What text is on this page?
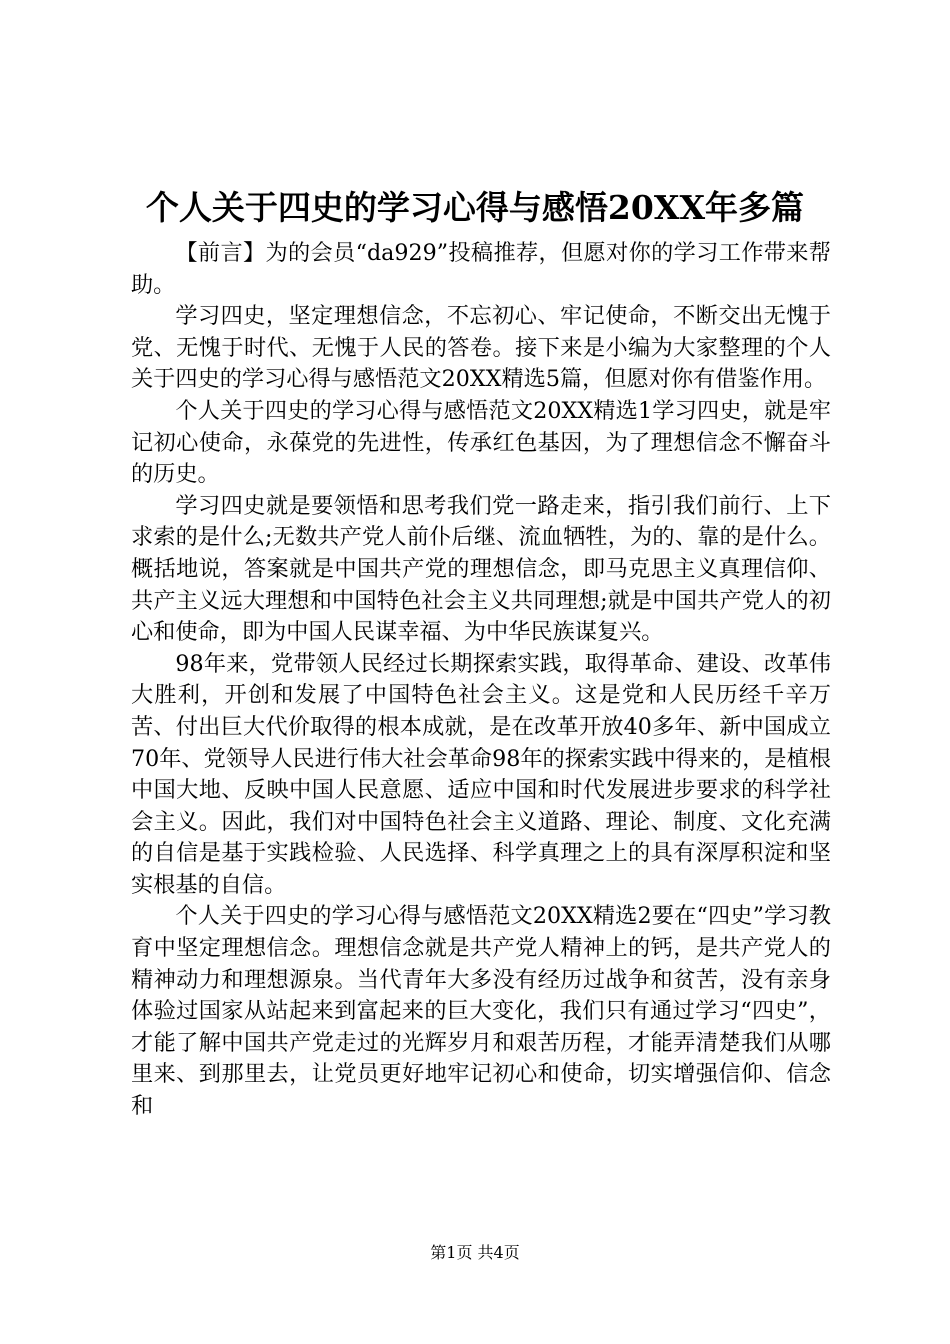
个人关于四史的学习心得与感悟20XX年多篇

【前言】为的会员“da929”投稿推荐，但愿对你的学习工作带来帮助。

学习四史，坚定理想信念，不忘初心、牢记使命，不断交出无愧于党、无愧于时代、无愧于人民的答卷。接下来是小编为大家整理的个人关于四史的学习心得与感悟范文20XX精选5篇，但愿对你有借鉴作用。

个人关于四史的学习心得与感悟范文20XX精选1学习四史，就是牢记初心使命，永葆党的先进性，传承红色基因，为了理想信念不懈奋斗的历史。

学习四史就是要领悟和思考我们党一路走来，指引我们前行、上下求索的是什么;无数共产党人前仆后继、流血牺牲，为的、靠的是什么。概括地说，答案就是中国共产党的理想信念，即马克思主义真理信仰、共产主义远大理想和中国特色社会主义共同理想;就是中国共产党人的初心和使命，即为中国人民谋幸福、为中华民族谋复兴。

98年来，党带领人民经过长期探索实践，取得革命、建设、改革伟大胜利，开创和发展了中国特色社会主义。这是党和人民历经千辛万苦、付出巨大代价取得的根本成就，是在改革开放40多年、新中国成立70年、党领导人民进行伟大社会革命98年的探索实践中得来的，是植根中国大地、反映中国人民意愿、适应中国和时代发展进步要求的科学社会主义。因此，我们对中国特色社会主义道路、理论、制度、文化充满的自信是基于实践检验、人民选择、科学真理之上的具有深厚积淀和坚实根基的自信。

个人关于四史的学习心得与感悟范文20XX精选2要在“四史”学习教育中坚定理想信念。理想信念就是共产党人精神上的钙，是共产党人的精神动力和理想源泉。当代青年大多没有经历过战争和贫苦，没有亲身体验过国家从站起来到富起来的巨大变化，我们只有通过学习“四史”，才能了解中国共产党走过的光辉岁月和艰苦历程，才能弄清楚我们从哪里来、到那里去，让党员更好地牢记初心和使命，切实增强信仰、信念和

第1页 共4页
